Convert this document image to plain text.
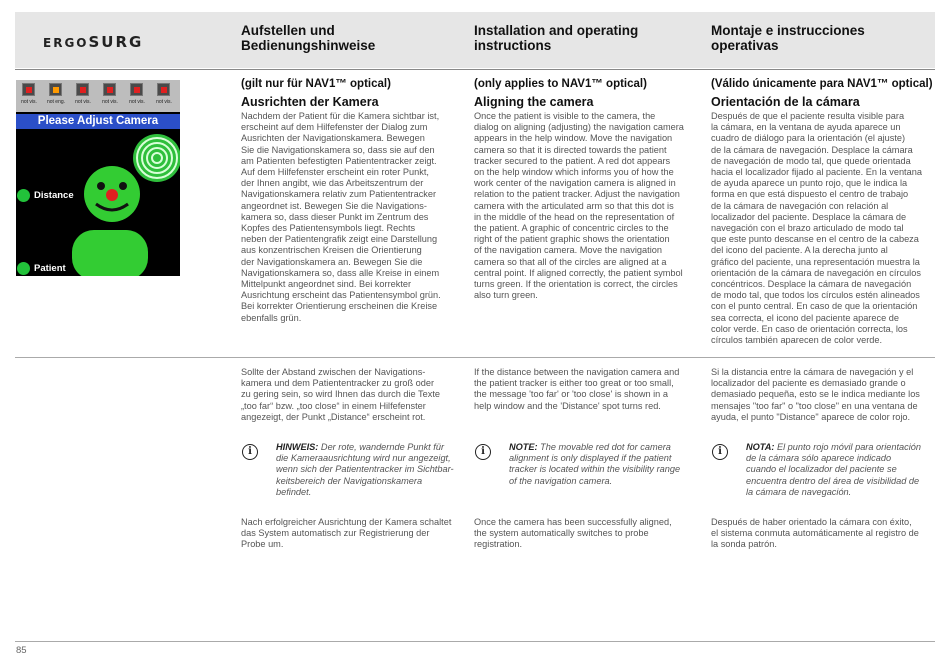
ERGOSURG
Aufstellen und
Bedienungshinweise
Installation and operating
instructions
Montaje e instrucciones
operativas
not vis.	not eng.	not vis.	not vis.	not vis.	not vis.
Please Adjust Camera
Distance
Patient
(gilt nur für NAV1™ optical)
Ausrichten der Kamera
Nachdem der Patient für die Kamera sichtbar ist,
erscheint auf dem Hilfefenster der Dialog zum
Ausrichten der Navigationskamera. Bewegen
Sie die Navigationskamera so, dass sie auf den
am Patienten befestigten Patiententracker zeigt.
Auf dem Hilfefenster erscheint ein roter Punkt,
der Ihnen angibt, wie das Arbeitszentrum der
Navigationskamera relativ zum Patiententracker
angeordnet ist. Bewegen Sie die Navigations-
kamera so, dass dieser Punkt im Zentrum des
Kopfes des Patientensymbols liegt. Rechts
neben der Patientengrafik zeigt eine Darstellung
aus konzentrischen Kreisen die Orientierung
der Navigationskamera an. Bewegen Sie die
Navigationskamera so, dass alle Kreise in einem
Mittelpunkt angeordnet sind. Bei korrekter
Ausrichtung erscheint das Patientensymbol grün.
Bei korrekter Orientierung erscheinen die Kreise
ebenfalls grün.
(only applies to NAV1™ optical)
Aligning the camera
Once the patient is visible to the camera, the
dialog on aligning (adjusting) the navigation camera
appears in the help window. Move the navigation
camera so that it is directed towards the patient
tracker secured to the patient. A red dot appears
on the help window which informs you of how the
work center of the navigation camera is aligned in
relation to the patient tracker. Adjust the navigation
camera with the articulated arm so that this dot is
in the middle of the head on the representation of
the patient. A graphic of concentric circles to the
right of the patient graphic shows the orientation
of the navigation camera. Move the navigation
camera so that all of the circles are aligned at a
central point. If aligned correctly, the patient symbol
turns green. If the orientation is correct, the circles
also turn green.
(Válido únicamente para NAV1™ optical)
Orientación de la cámara
Después de que el paciente resulta visible para
la cámara, en la ventana de ayuda aparece un
cuadro de diálogo para la orientación (el ajuste)
de la cámara de navegación. Desplace la cámara
de navegación de modo tal, que quede orientada
hacia el localizador fijado al paciente. En la ventana
de ayuda aparece un punto rojo, que le indica la
forma en que está dispuesto el centro de trabajo
de la cámara de navegación con relación al
localizador del paciente. Desplace la cámara de
navegación con el brazo articulado de modo tal
que este punto descanse en el centro de la cabeza
del icono del paciente. A la derecha junto al
gráfico del paciente, una representación muestra la
orientación de la cámara de navegación en círculos
concéntricos. Desplace la cámara de navegación
de modo tal, que todos los círculos estén alineados
con el punto central. En caso de que la orientación
sea correcta, el icono del paciente aparece de
color verde. En caso de orientación correcta, los
círculos también aparecen de color verde.
Sollte der Abstand zwischen der Navigations-
kamera und dem Patiententracker zu groß oder
zu gering sein, so wird Ihnen das durch die Texte
„too far“ bzw. „too close“ in einem Hilfefenster
angezeigt, der Punkt „Distance“ erscheint rot.
If the distance between the navigation camera and
the patient tracker is either too great or too small,
the message 'too far' or 'too close' is shown in a
help window and the 'Distance' spot turns red.
Si la distancia entre la cámara de navegación y el
localizador del paciente es demasiado grande o
demasiado pequeña, esto se le indica mediante los
mensajes "too far" o "too close" en una ventana de
ayuda, el punto "Distance" aparece de color rojo.
i	HINWEIS: Der rote, wandernde Punkt für
die Kameraausrichtung wird nur angezeigt,
wenn sich der Patiententracker im Sichtbar-
keitsbereich der Navigationskamera
befindet.
i	NOTE: The movable red dot for camera
alignment is only displayed if the patient
tracker is located within the visibility range
of the navigation camera.
i	NOTA: El punto rojo móvil para orientación
de la cámara sólo aparece indicado
cuando el localizador del paciente se
encuentra dentro del área de visibilidad de
la cámara de navegación.
Nach erfolgreicher Ausrichtung der Kamera schaltet
das System automatisch zur Registrierung der
Probe um.
Once the camera has been successfully aligned,
the system automatically switches to probe
registration.
Después de haber orientado la cámara con éxito,
el sistema conmuta automáticamente al registro de
la sonda patrón.
85
